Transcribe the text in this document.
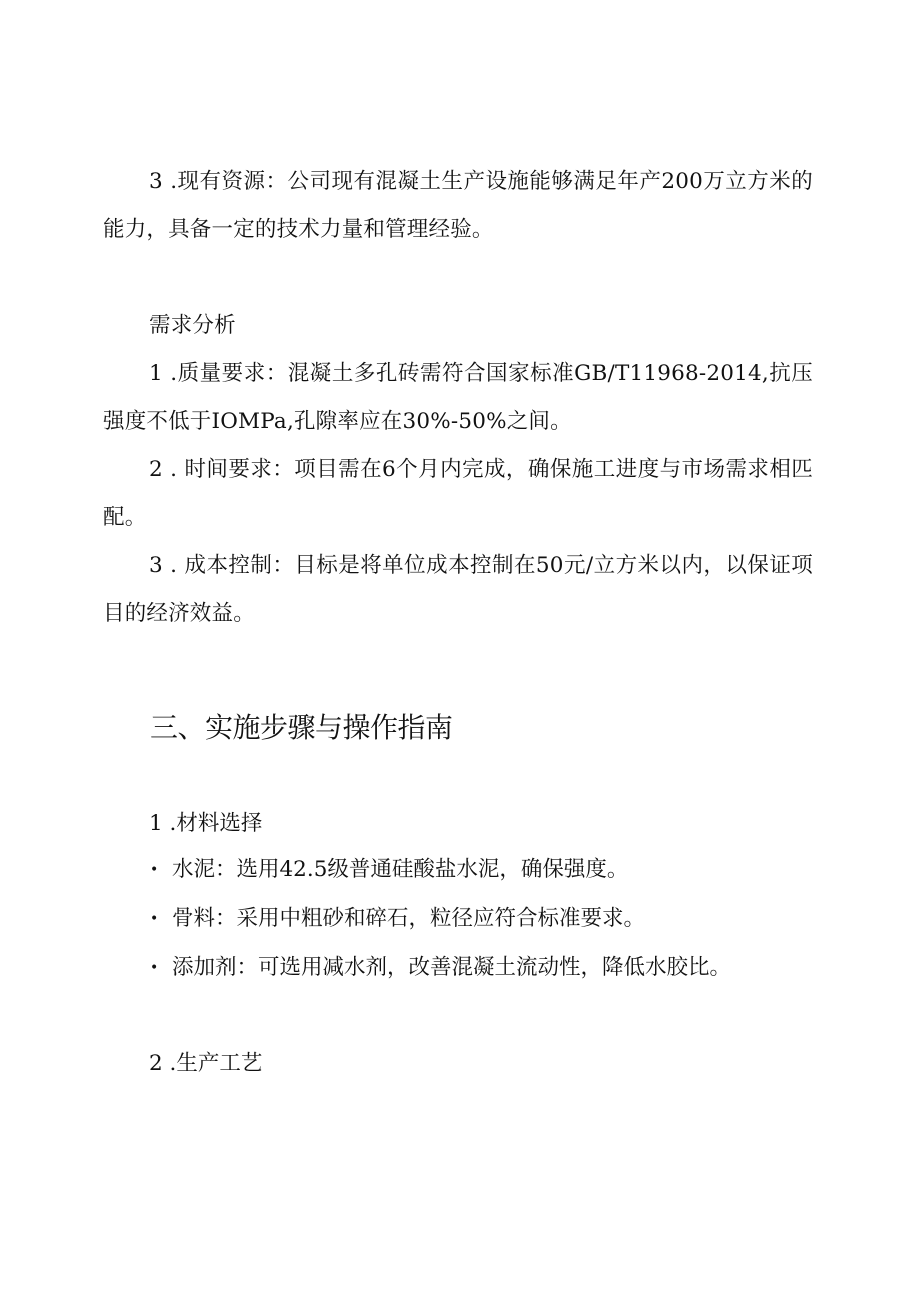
3 .现有资源：公司现有混凝土生产设施能够满足年产200万立方米的能力，具备一定的技术力量和管理经验。

需求分析

1 .质量要求：混凝土多孔砖需符合国家标准GB/T11968-2014,抗压强度不低于IOMPa,孔隙率应在30%-50%之间。

2 . 时间要求：项目需在6个月内完成，确保施工进度与市场需求相匹配。

3 . 成本控制：目标是将单位成本控制在50元/立方米以内，以保证项目的经济效益。

三、实施步骤与操作指南

1 .材料选择

• 水泥：选用42.5级普通硅酸盐水泥，确保强度。

• 骨料：采用中粗砂和碎石，粒径应符合标准要求。

• 添加剂：可选用减水剂，改善混凝土流动性，降低水胶比。

2 .生产工艺
